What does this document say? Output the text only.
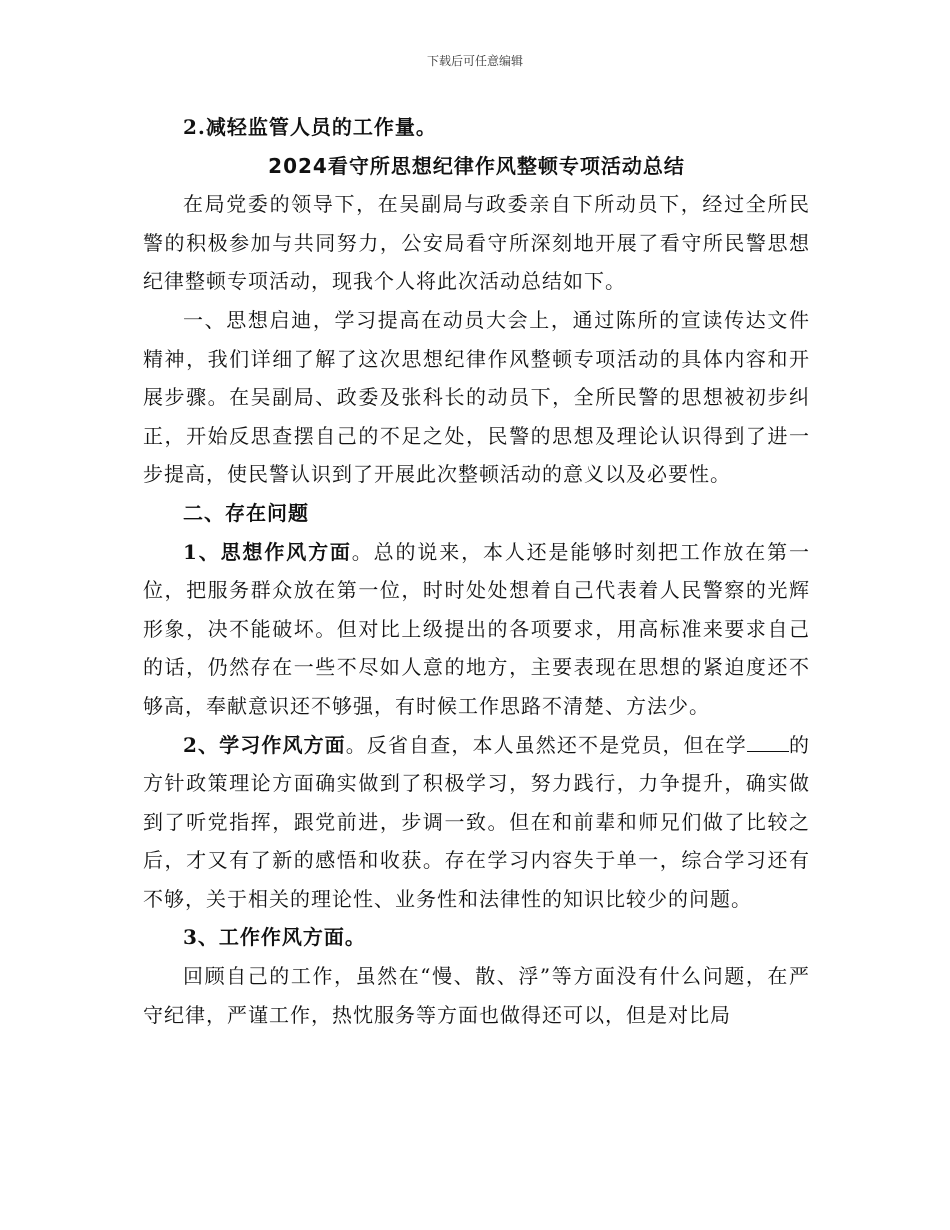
下载后可任意编辑

2.减轻监管人员的工作量。

2024看守所思想纪律作风整顿专项活动总结

在局党委的领导下，在吴副局与政委亲自下所动员下，经过全所民警的积极参加与共同努力，公安局看守所深刻地开展了看守所民警思想纪律整顿专项活动，现我个人将此次活动总结如下。

一、思想启迪，学习提高在动员大会上，通过陈所的宣读传达文件精神，我们详细了解了这次思想纪律作风整顿专项活动的具体内容和开展步骤。在吴副局、政委及张科长的动员下，全所民警的思想被初步纠正，开始反思查摆自己的不足之处，民警的思想及理论认识得到了进一步提高，使民警认识到了开展此次整顿活动的意义以及必要性。

二、存在问题

1、思想作风方面。总的说来，本人还是能够时刻把工作放在第一位，把服务群众放在第一位，时时处处想着自己代表着人民警察的光辉形象，决不能破坏。但对比上级提出的各项要求，用高标准来要求自己的话，仍然存在一些不尽如人意的地方，主要表现在思想的紧迫度还不够高，奉献意识还不够强，有时候工作思路不清楚、方法少。

2、学习作风方面。反省自查，本人虽然还不是党员，但在学 的方针政策理论方面确实做到了积极学习，努力践行，力争提升，确实做到了听党指挥，跟党前进，步调一致。但在和前辈和师兄们做了比较之后，才又有了新的感悟和收获。存在学习内容失于单一，综合学习还有不够，关于相关的理论性、业务性和法律性的知识比较少的问题。

3、工作作风方面。

回顾自己的工作，虽然在“慢、散、浮”等方面没有什么问题，在严守纪律，严谨工作，热忱服务等方面也做得还可以，但是对比局
